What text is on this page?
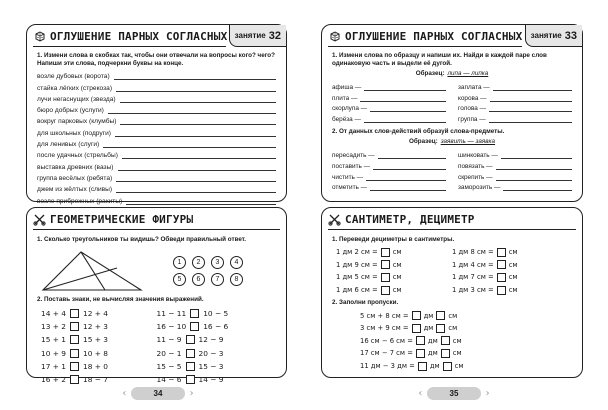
ОГЛУШЕНИЕ ПАРНЫХ СОГЛАСНЫХ занятие 32
1. Измени слова в скобках так, чтобы они отвечали на вопросы кого? чего? Напиши эти слова, подчеркни буквы на конце.
возле дубовых (ворота)
стайка лёгких (стрекоза)
лучи негаснущих (звезда)
бюро добрых (услуги)
вокруг парковых (клумбы)
для школьных (подруги)
для ленивых (слуги)
после удачных (стрельбы)
выставка древних (вазы)
группа весёлых (ребята)
джем из жёлтых (сливы)
возле прибрежных (ракиты)
ГЕОМЕТРИЧЕСКИЕ ФИГУРЫ
1. Сколько треугольников ты видишь? Обведи правильный ответ.
1	2	3	4
5	6	7	8
2. Поставь знаки, не вычисляя значения выражений.
14 + 4 12 + 4	11 − 11 10 − 5
13 + 2 12 + 3	16 − 10 16 − 6
15 + 1 15 + 3	11 − 9 12 − 9
10 + 9 10 + 8	20 − 1 20 − 3
17 + 1 18 + 0	15 − 5 15 − 3
16 + 2 18 − 7	14 − 6 14 − 9
‹	34	›
ОГЛУШЕНИЕ ПАРНЫХ СОГЛАСНЫХ занятие 33
1. Измени слова по образцу и напиши их. Найди в каждой паре слов одинаковую часть и выдели её дугой.
Образец: липа — липка
афиша —	заплата —
плита —	корова —
скорлупа —	голова —
берёза —	группа —
2. От данных слов-действий образуй слова-предметы.
Образец: заявить — заявка
пересадить —	шинковать —
поставить —	повязать —
чистить —	скрепить —
отметить —	заморозить —
САНТИМЕТР, ДЕЦИМЕТР
1. Переведи дециметры в сантиметры.
1 дм 2 см = см	1 дм 8 см = см
1 дм 9 см = см	1 дм 4 см = см
1 дм 5 см = см	1 дм 7 см = см
1 дм 6 см = см	1 дм 3 см = см
2. Заполни пропуски.
5 см + 8 см = дм см
3 см + 9 см = дм см
16 см − 6 см = дм см
17 см − 7 см = дм см
11 дм − 3 дм = дм см
‹	35	›
